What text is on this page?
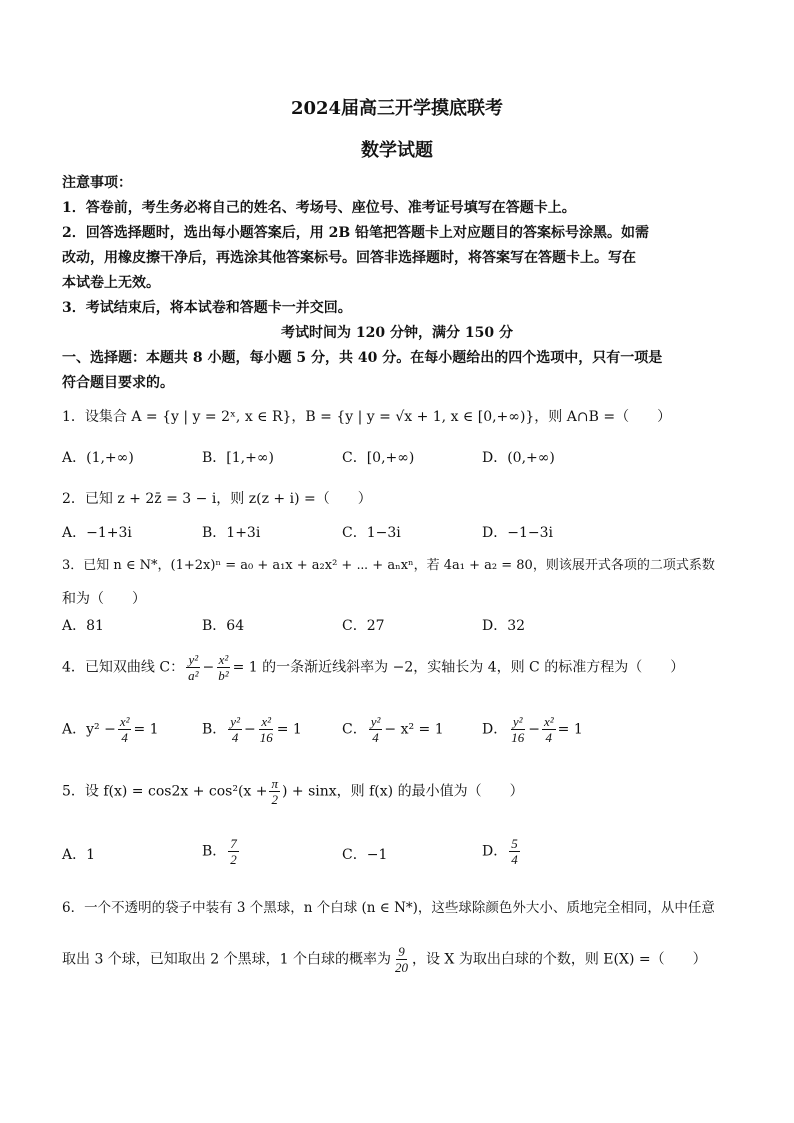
2024届高三开学摸底联考
数学试题
注意事项：
1．答卷前，考生务必将自己的姓名、考场号、座位号、准考证号填写在答题卡上。
2．回答选择题时，选出每小题答案后，用 2B 铅笔把答题卡上对应题目的答案标号涂黑。如需
改动，用橡皮擦干净后，再选涂其他答案标号。回答非选择题时，将答案写在答题卡上。写在
本试卷上无效。
3．考试结束后，将本试卷和答题卡一并交回。
考试时间为 120 分钟，满分 150 分
一、选择题：本题共 8 小题，每小题 5 分，共 40 分。在每小题给出的四个选项中，只有一项是
符合题目要求的。
1．设集合 A = {y | y = 2ˣ, x ∈ R}，B = {y | y = √x + 1, x ∈ [0,+∞)}，则 A∩B =（　　）
A．(1,+∞)	B．[1,+∞)	C．[0,+∞)	D．(0,+∞)
2．已知 z + 2z̄ = 3 − i，则 z(z + i) =（　　）
A．−1+3i	B．1+3i	C．1−3i	D．−1−3i
3．已知 n ∈ N*，(1+2x)ⁿ = a₀ + a₁x + a₂x² + ⋯ + aₙxⁿ，若 4a₁ + a₂ = 80，则该展开式各项的二项式系数
和为（　　）
A．81	B．64	C．27	D．32
4．已知双曲线 C： $\frac{\text{y²}}{\text{a²}} - \frac{\text{x²}}{\text{b²}} = 1$ 的一条渐近线斜率为 −2，实轴长为 4，则 C 的标准方程为（　　）
A．$y^2 - \frac{\text{x²}}{4} = 1$	B． $\frac{\text{y²}}{4} - \frac{\text{x²}}{16} = 1$	C． $\frac{\text{y²}}{4} - x^2 = 1$	D． $\frac{\text{y²}}{16} - \frac{\text{x²}}{4} = 1$
5．设 $f(x) = \cos 2x + \cos^2(x + \frac{\pi}{2}$ ) + sinx，则 f(x) 的最小值为（　　）
A．1	B． $\frac{7}{2}$	C．−1	D． $\frac{5}{4}$
6．一个不透明的袋子中装有 3 个黑球，n 个白球 (n ∈ N*)，这些球除颜色外大小、质地完全相同，从中任意
取出 3 个球，已知取出 2 个黑球，1 个白球的概率为 $\frac{9}{20}$ ，设 X 为取出白球的个数，则 E(X) =（　　）
